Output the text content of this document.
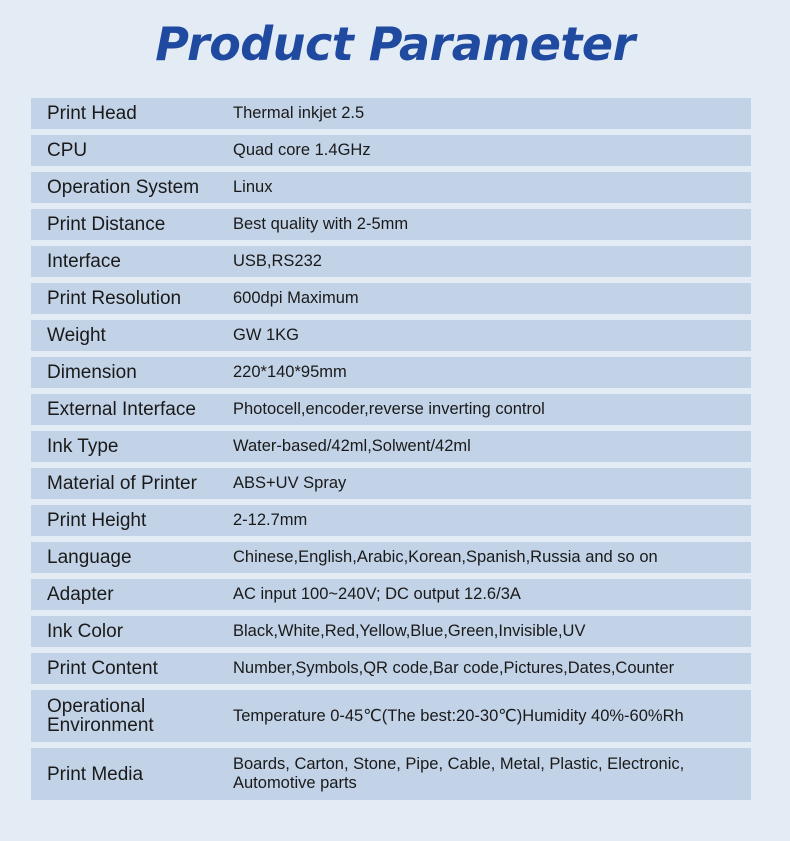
Product Parameter
Print Head	Thermal inkjet 2.5
CPU	Quad core 1.4GHz
Operation System	Linux
Print Distance	Best quality with 2-5mm
Interface	USB,RS232
Print Resolution	600dpi Maximum
Weight	GW 1KG
Dimension	220*140*95mm
External Interface	Photocell,encoder,reverse inverting control
Ink Type	Water-based/42ml,Solwent/42ml
Material of Printer	ABS+UV Spray
Print Height	2-12.7mm
Language	Chinese,English,Arabic,Korean,Spanish,Russia and so on
Adapter	AC input 100~240V; DC output 12.6/3A
Ink Color	Black,White,Red,Yellow,Blue,Green,Invisible,UV
Print Content	Number,Symbols,QR code,Bar code,Pictures,Dates,Counter
Operational Environment	Temperature 0-45℃(The best:20-30℃)Humidity 40%-60%Rh
Print Media	Boards, Carton, Stone, Pipe, Cable, Metal, Plastic, Electronic, Automotive parts
